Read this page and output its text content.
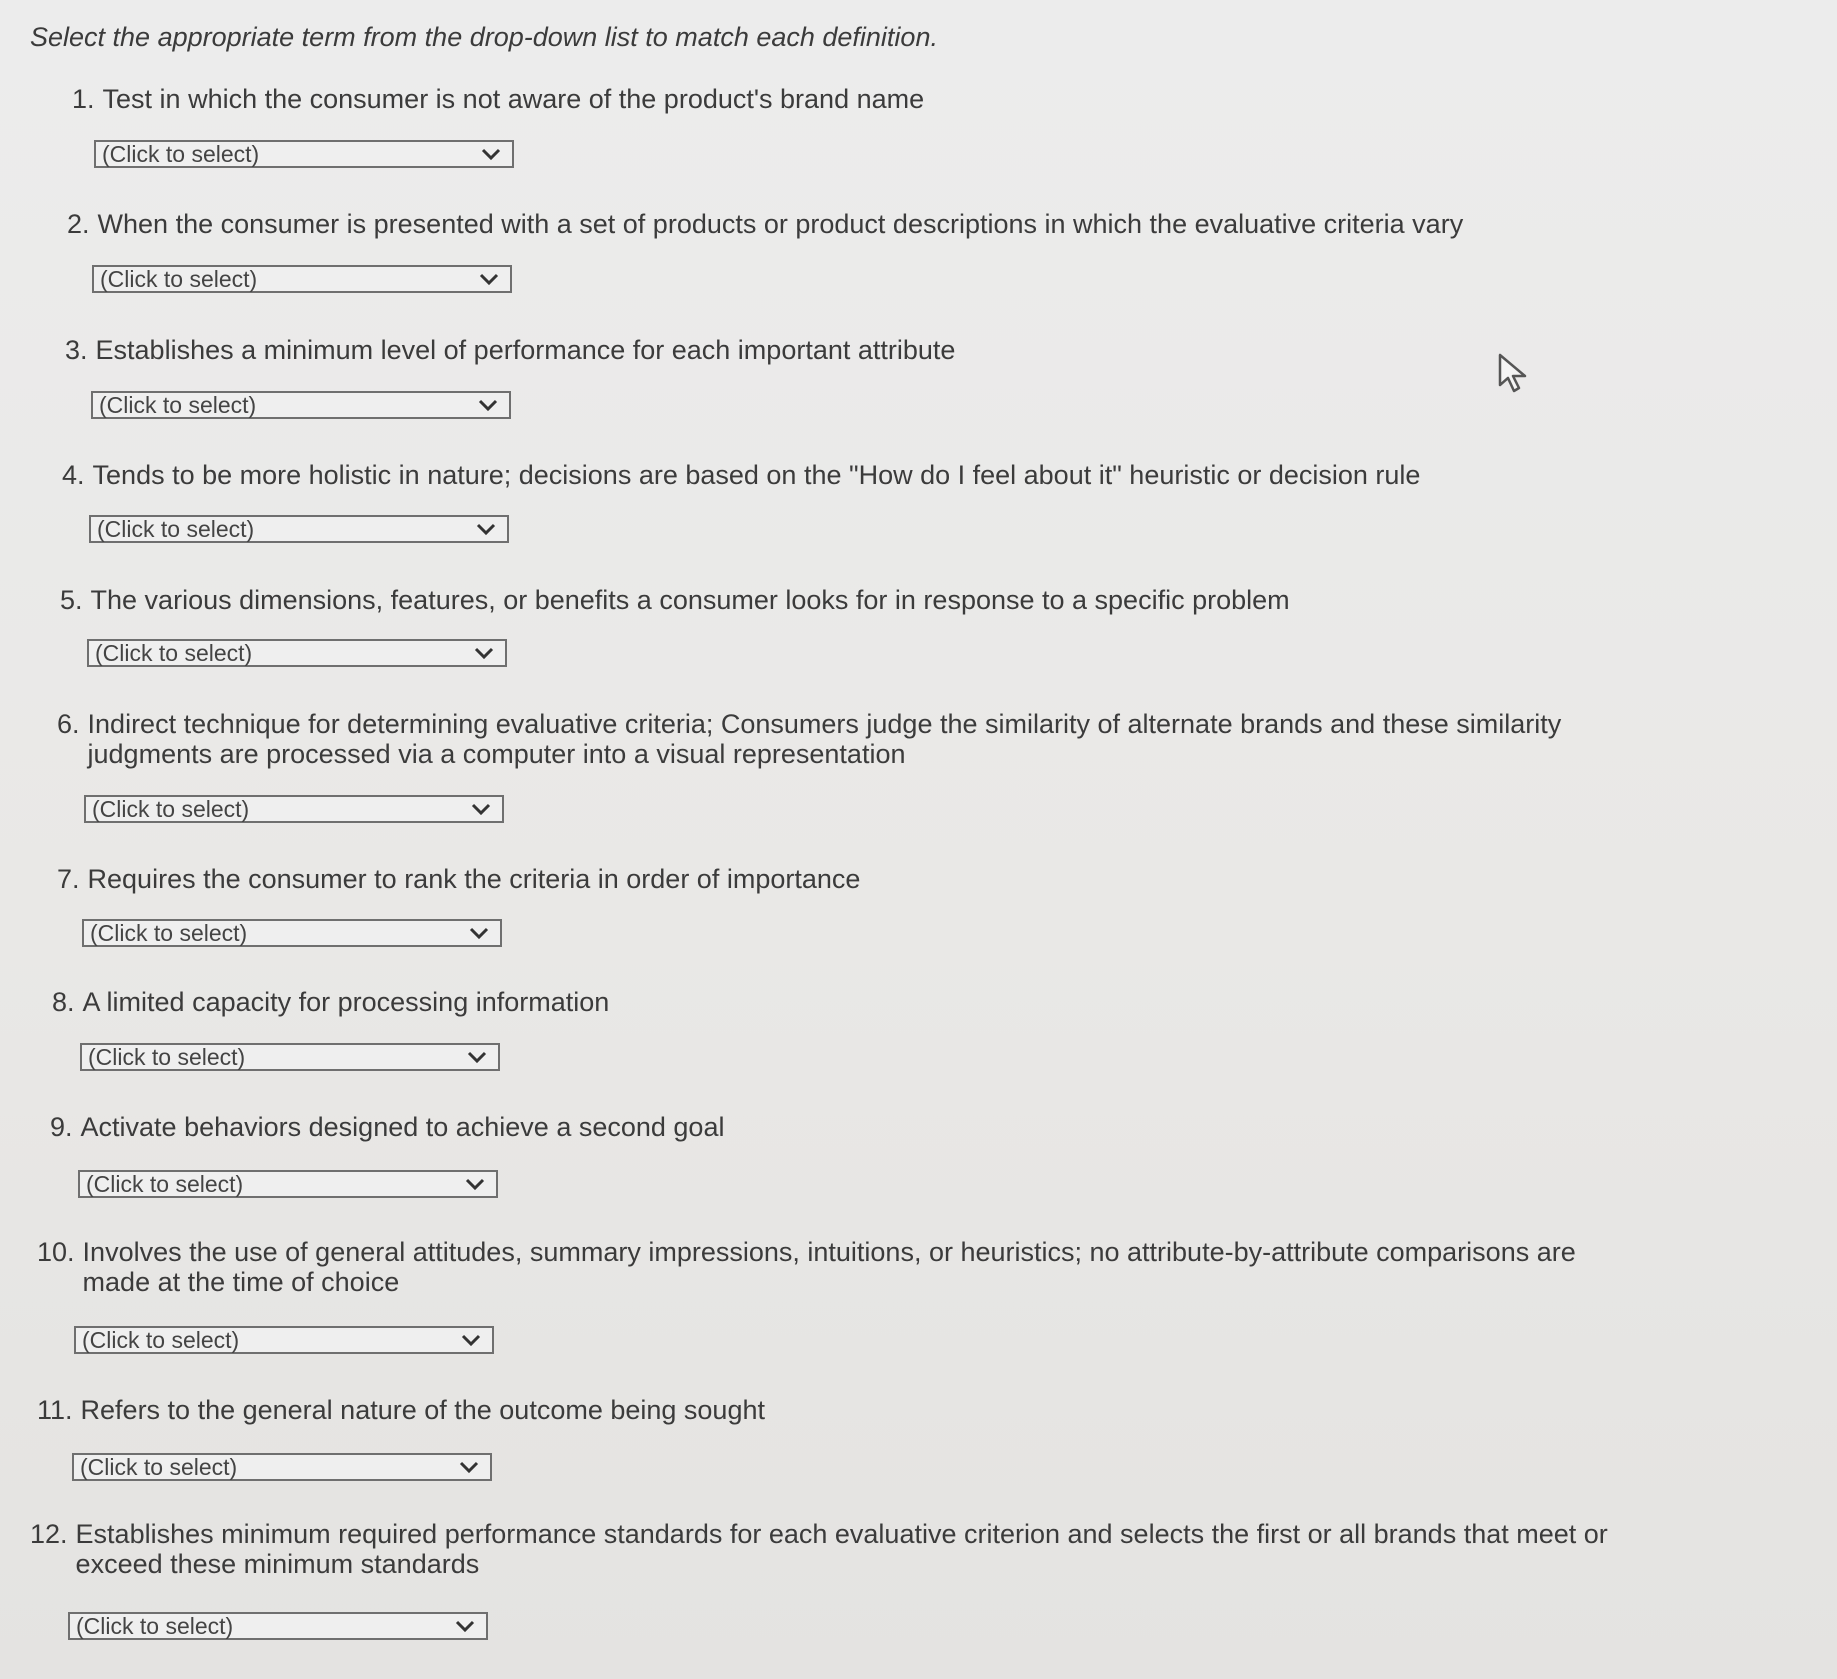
Select the appropriate term from the drop-down list to match each definition.
1. Test in which the consumer is not aware of the product's brand name
(Click to select)
2. When the consumer is presented with a set of products or product descriptions in which the evaluative criteria vary
(Click to select)
3. Establishes a minimum level of performance for each important attribute
(Click to select)
4. Tends to be more holistic in nature; decisions are based on the "How do I feel about it" heuristic or decision rule
(Click to select)
5. The various dimensions, features, or benefits a consumer looks for in response to a specific problem
(Click to select)
6. Indirect technique for determining evaluative criteria; Consumers judge the similarity of alternate brands and these similarity judgments are processed via a computer into a visual representation
(Click to select)
7. Requires the consumer to rank the criteria in order of importance
(Click to select)
8. A limited capacity for processing information
(Click to select)
9. Activate behaviors designed to achieve a second goal
(Click to select)
10. Involves the use of general attitudes, summary impressions, intuitions, or heuristics; no attribute-by-attribute comparisons are made at the time of choice
(Click to select)
11. Refers to the general nature of the outcome being sought
(Click to select)
12. Establishes minimum required performance standards for each evaluative criterion and selects the first or all brands that meet or exceed these minimum standards
(Click to select)
